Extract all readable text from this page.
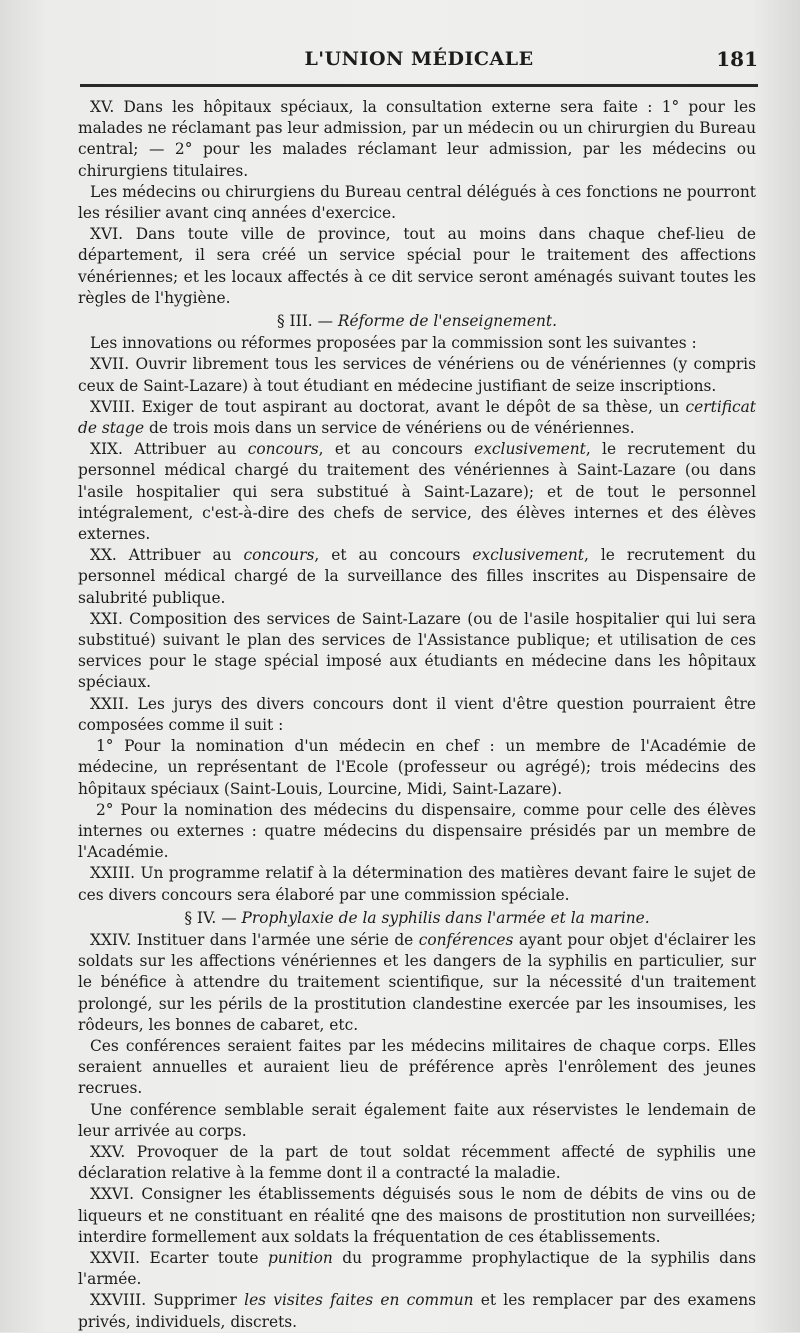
L'UNION MÉDICALE	181

XV. Dans les hôpitaux spéciaux, la consultation externe sera faite : 1° pour les malades ne réclamant pas leur admission, par un médecin ou un chirurgien du Bureau central; — 2° pour les malades réclamant leur admission, par les médecins ou chirurgiens titulaires.

Les médecins ou chirurgiens du Bureau central délégués à ces fonctions ne pourront les résilier avant cinq années d'exercice.

XVI. Dans toute ville de province, tout au moins dans chaque chef-lieu de département, il sera créé un service spécial pour le traitement des affections vénériennes; et les locaux affectés à ce dit service seront aménagés suivant toutes les règles de l'hygiène.

§ III. — Réforme de l'enseignement.

Les innovations ou réformes proposées par la commission sont les suivantes :

XVII. Ouvrir librement tous les services de vénériens ou de vénériennes (y compris ceux de Saint-Lazare) à tout étudiant en médecine justifiant de seize inscriptions.

XVIII. Exiger de tout aspirant au doctorat, avant le dépôt de sa thèse, un certificat de stage de trois mois dans un service de vénériens ou de vénériennes.

XIX. Attribuer au concours, et au concours exclusivement, le recrutement du personnel médical chargé du traitement des vénériennes à Saint-Lazare (ou dans l'asile hospitalier qui sera substitué à Saint-Lazare); et de tout le personnel intégralement, c'est-à-dire des chefs de service, des élèves internes et des élèves externes.

XX. Attribuer au concours, et au concours exclusivement, le recrutement du personnel médical chargé de la surveillance des filles inscrites au Dispensaire de salubrité publique.

XXI. Composition des services de Saint-Lazare (ou de l'asile hospitalier qui lui sera substitué) suivant le plan des services de l'Assistance publique; et utilisation de ces services pour le stage spécial imposé aux étudiants en médecine dans les hôpitaux spéciaux.

XXII. Les jurys des divers concours dont il vient d'être question pourraient être composées comme il suit :

1° Pour la nomination d'un médecin en chef : un membre de l'Académie de médecine, un représentant de l'Ecole (professeur ou agrégé); trois médecins des hôpitaux spéciaux (Saint-Louis, Lourcine, Midi, Saint-Lazare).

2° Pour la nomination des médecins du dispensaire, comme pour celle des élèves internes ou externes : quatre médecins du dispensaire présidés par un membre de l'Académie.

XXIII. Un programme relatif à la détermination des matières devant faire le sujet de ces divers concours sera élaboré par une commission spéciale.

§ IV. — Prophylaxie de la syphilis dans l'armée et la marine.

XXIV. Instituer dans l'armée une série de conférences ayant pour objet d'éclairer les soldats sur les affections vénériennes et les dangers de la syphilis en particulier, sur le bénéfice à attendre du traitement scientifique, sur la nécessité d'un traitement prolongé, sur les périls de la prostitution clandestine exercée par les insoumises, les rôdeurs, les bonnes de cabaret, etc.

Ces conférences seraient faites par les médecins militaires de chaque corps. Elles seraient annuelles et auraient lieu de préférence après l'enrôlement des jeunes recrues.

Une conférence semblable serait également faite aux réservistes le lendemain de leur arrivée au corps.

XXV. Provoquer de la part de tout soldat récemment affecté de syphilis une déclaration relative à la femme dont il a contracté la maladie.

XXVI. Consigner les établissements déguisés sous le nom de débits de vins ou de liqueurs et ne constituant en réalité qne des maisons de prostitution non surveillées; interdire formellement aux soldats la fréquentation de ces établissements.

XXVII. Ecarter toute punition du programme prophylactique de la syphilis dans l'armée.

XXVIII. Supprimer les visites faites en commun et les remplacer par des examens privés, individuels, discrets.
